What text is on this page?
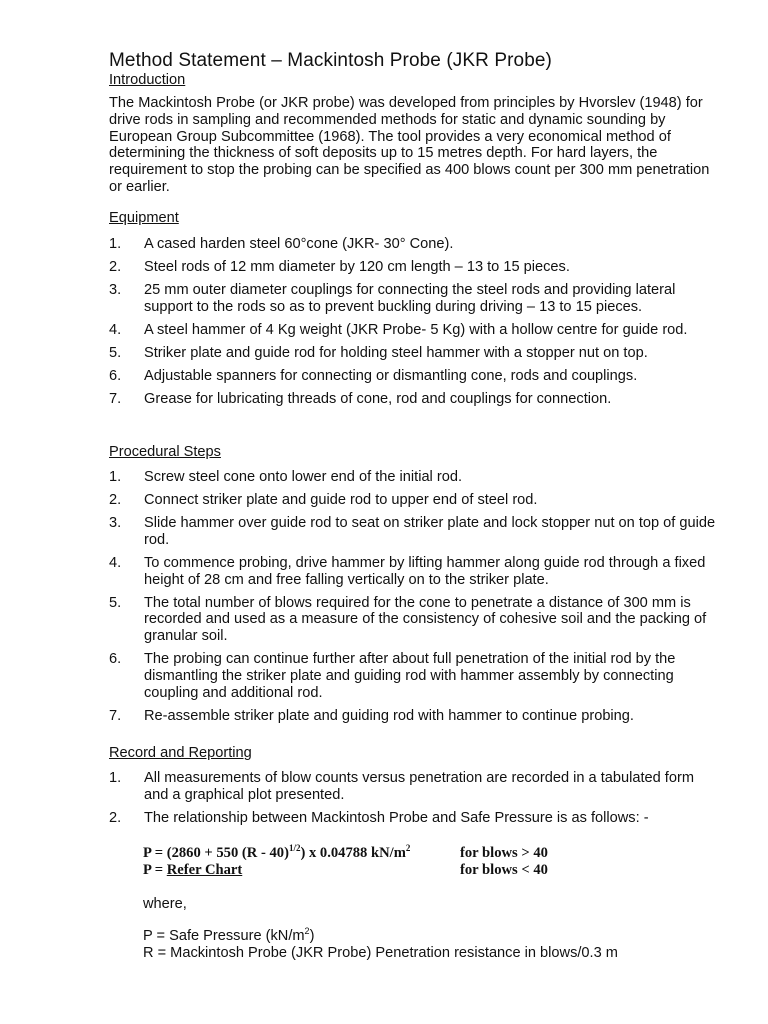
Method Statement – Mackintosh Probe (JKR Probe)
Introduction

The Mackintosh Probe (or JKR probe) was developed from principles by Hvorslev (1948) for drive rods in sampling and recommended methods for static and dynamic sounding by European Group Subcommittee (1968). The tool provides a very economical method of determining the thickness of soft deposits up to 15 metres depth. For hard layers, the requirement to stop the probing can be specified as 400 blows count per 300 mm penetration or earlier.

Equipment
1. A cased harden steel 60°cone (JKR- 30° Cone).
2. Steel rods of 12 mm diameter by 120 cm length – 13 to 15 pieces.
3. 25 mm outer diameter couplings for connecting the steel rods and providing lateral support to the rods so as to prevent buckling during driving – 13 to 15 pieces.
4. A steel hammer of 4 Kg weight (JKR Probe- 5 Kg) with a hollow centre for guide rod.
5. Striker plate and guide rod for holding steel hammer with a stopper nut on top.
6. Adjustable spanners for connecting or dismantling cone, rods and couplings.
7. Grease for lubricating threads of cone, rod and couplings for connection.
Procedural Steps
1. Screw steel cone onto lower end of the initial rod.
2. Connect striker plate and guide rod to upper end of steel rod.
3. Slide hammer over guide rod to seat on striker plate and lock stopper nut on top of guide rod.
4. To commence probing, drive hammer by lifting hammer along guide rod through a fixed height of 28 cm and free falling vertically on to the striker plate.
5. The total number of blows required for the cone to penetrate a distance of 300 mm is recorded and used as a measure of the consistency of cohesive soil and the packing of granular soil.
6. The probing can continue further after about full penetration of the initial rod by the dismantling the striker plate and guiding rod with hammer assembly by connecting coupling and additional rod.
7. Re-assemble striker plate and guiding rod with hammer to continue probing.
Record and Reporting
1. All measurements of blow counts versus penetration are recorded in a tabulated form and a graphical plot presented.
2. The relationship between Mackintosh Probe and Safe Pressure is as follows: -
P = (2860 + 550 (R - 40)$^{1/2}$) x 0.04788 $kN/m^2$	for blows > 40
P = Refer Chart	for blows < 40
where,
P = Safe Pressure $(kN/m^2)$
R = Mackintosh Probe (JKR Probe) Penetration resistance in blows/0.3 m
